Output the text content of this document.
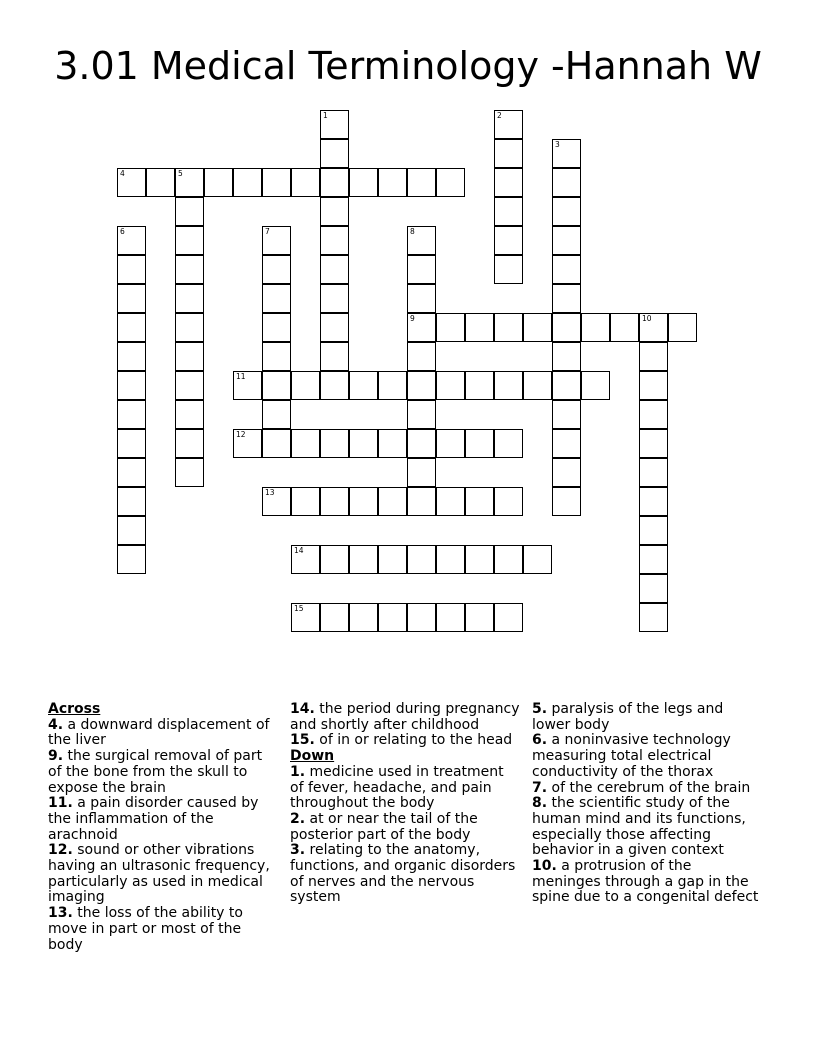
3.01 Medical Terminology -Hannah W
1	2
3
4	5
6	7	8
9	10
11
12
13
14
15
Across
4. a downward displacement of the liver
9. the surgical removal of part of the bone from the skull to expose the brain
11. a pain disorder caused by the inflammation of the arachnoid
12. sound or other vibrations having an ultrasonic frequency, particularly as used in medical imaging
13. the loss of the ability to move in part or most of the body
14. the period during pregnancy and shortly after childhood
15. of in or relating to the head
Down
1. medicine used in treatment of fever, headache, and pain throughout the body
2. at or near the tail of the posterior part of the body
3. relating to the anatomy, functions, and organic disorders of nerves and the nervous system
5. paralysis of the legs and lower body
6. a noninvasive technology measuring total electrical conductivity of the thorax
7. of the cerebrum of the brain
8. the scientific study of the human mind and its functions, especially those affecting behavior in a given context
10. a protrusion of the meninges through a gap in the spine due to a congenital defect
